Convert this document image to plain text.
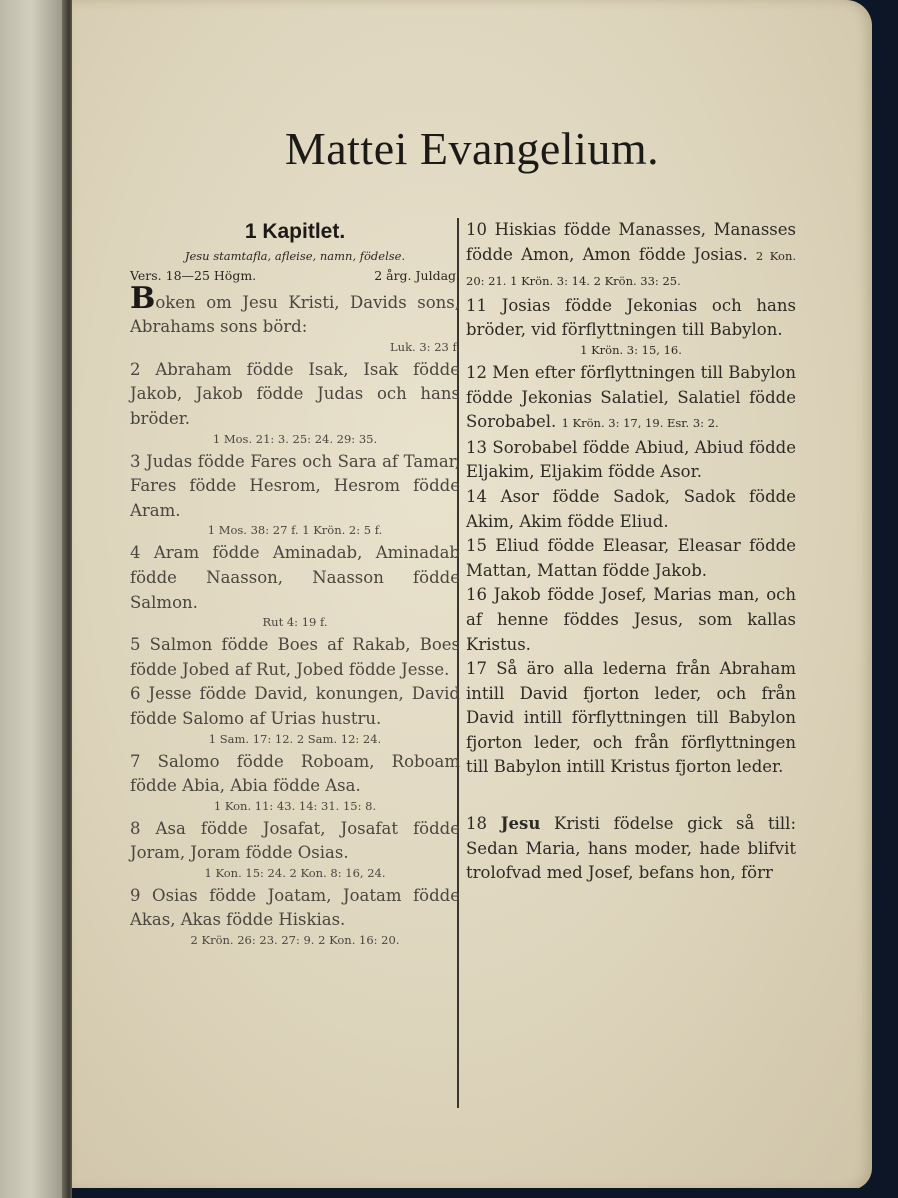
Mattei Evangelium.
1 Kapitlet.
Jesu stamtafla, afleise, namn, födelse.
Vers. 18—25 Högm.	2 årg. Juldag.

Boken om Jesu Kristi, Davids sons, Abrahams sons börd:

Luk. 3: 23 f.

2 Abraham födde Isak, Isak födde Jakob, Jakob födde Judas och hans bröder.

1 Mos. 21: 3. 25: 24. 29: 35.

3 Judas födde Fares och Sara af Tamar, Fares födde Hesrom, Hesrom födde Aram.

1 Mos. 38: 27 f. 1 Krön. 2: 5 f.

4 Aram födde Aminadab, Aminadab födde Naasson, Naasson födde Salmon.

Rut 4: 19 f.

5 Salmon födde Boes af Rakab, Boes födde Jobed af Rut, Jobed födde Jesse.

6 Jesse födde David, konungen, David födde Salomo af Urias hustru.

1 Sam. 17: 12. 2 Sam. 12: 24.

7 Salomo födde Roboam, Roboam födde Abia, Abia födde Asa.

1 Kon. 11: 43. 14: 31. 15: 8.

8 Asa födde Josafat, Josafat födde Joram, Joram födde Osias.

1 Kon. 15: 24. 2 Kon. 8: 16, 24.

9 Osias födde Joatam, Joatam födde Akas, Akas födde Hiskias.

2 Krön. 26: 23. 27: 9. 2 Kon. 16: 20.

10 Hiskias födde Manasses, Manasses födde Amon, Amon födde Josias. 2 Kon. 20: 21. 1 Krön. 3: 14. 2 Krön. 33: 25.

11 Josias födde Jekonias och hans bröder, vid förflyttningen till Babylon.

1 Krön. 3: 15, 16.

12 Men efter förflyttningen till Babylon födde Jekonias Salatiel, Salatiel födde Sorobabel. 1 Krön. 3: 17, 19. Esr. 3: 2.

13 Sorobabel födde Abiud, Abiud födde Eljakim, Eljakim födde Asor.

14 Asor födde Sadok, Sadok födde Akim, Akim födde Eliud.

15 Eliud födde Eleasar, Eleasar födde Mattan, Mattan födde Jakob.

16 Jakob födde Josef, Marias man, och af henne föddes Jesus, som kallas Kristus.

17 Så äro alla lederna från Abraham intill David fjorton leder, och från David intill förflyttningen till Babylon fjorton leder, och från förflyttningen till Babylon intill Kristus fjorton leder.

18 Jesu Kristi födelse gick så till: Sedan Maria, hans moder, hade blifvit trolofvad med Josef, befans hon, förr
